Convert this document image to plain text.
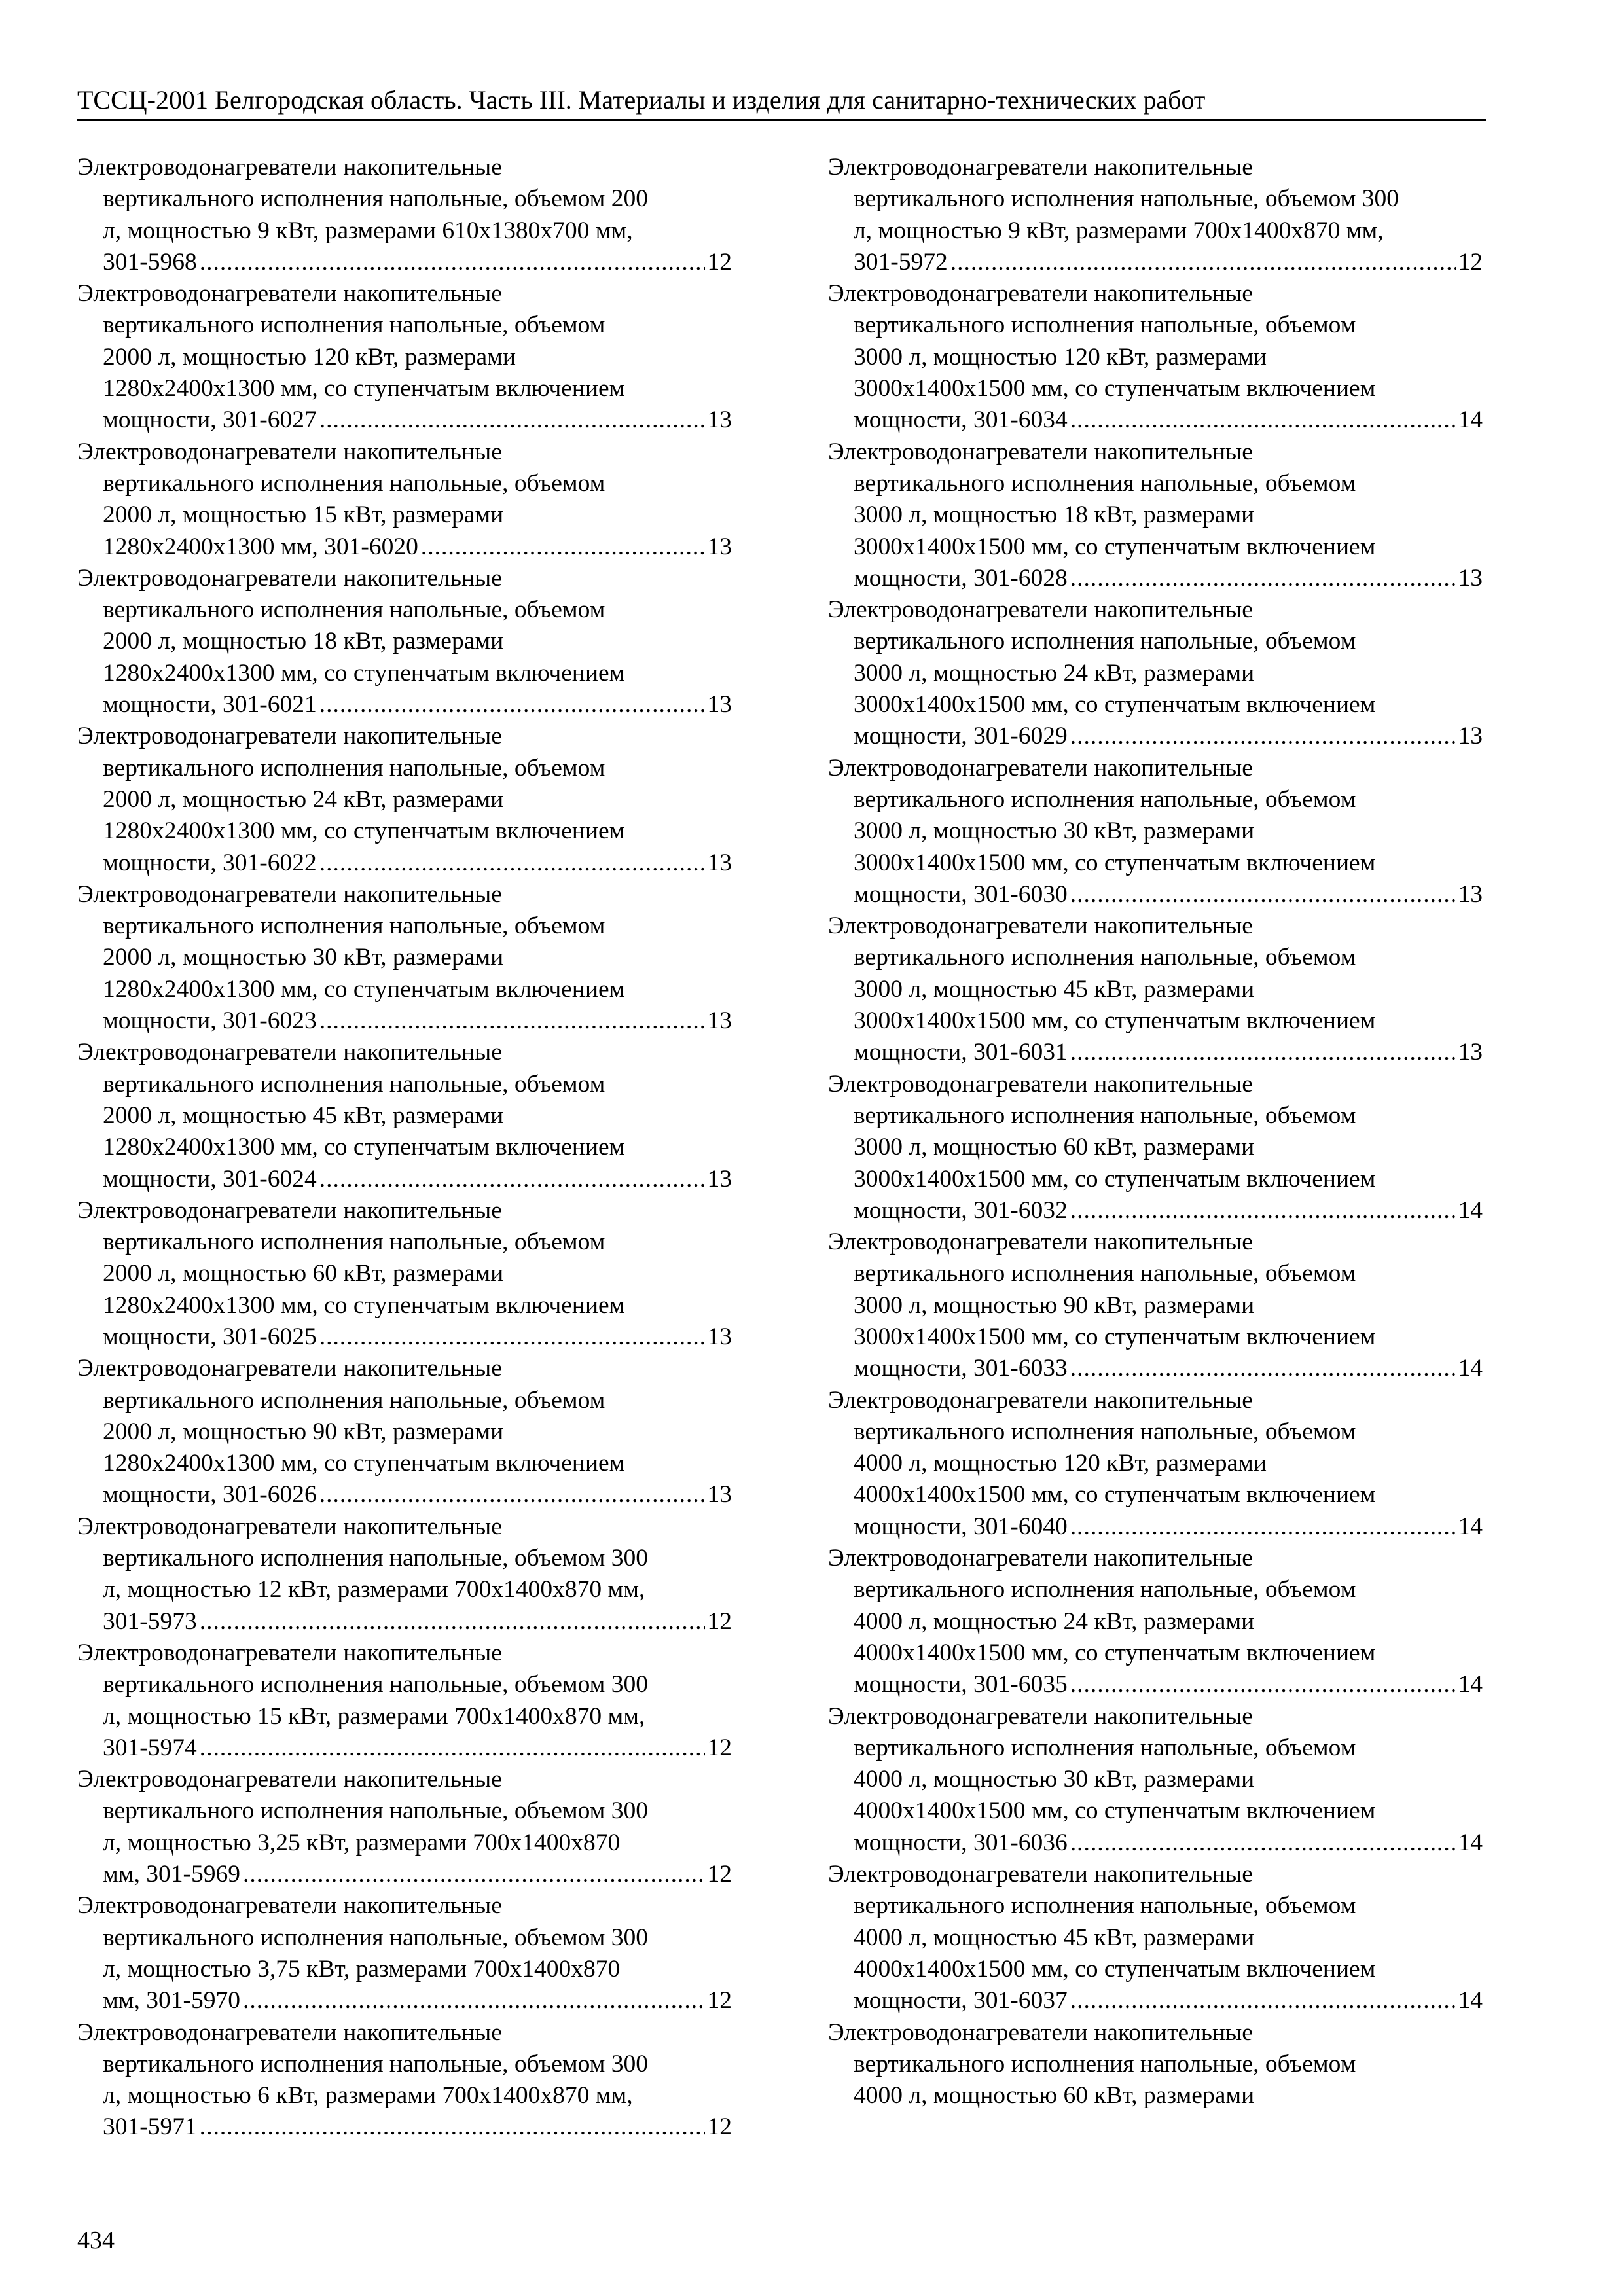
ТССЦ-2001 Белгородская область. Часть III. Материалы и изделия для санитарно-технических работ
Электроводонагреватели накопительные
вертикального исполнения напольные, объемом 200
л, мощностью 9 кВт, размерами 610х1380х700 мм,
301-5968 .....	12
Электроводонагреватели накопительные
вертикального исполнения напольные, объемом
2000 л, мощностью 120 кВт, размерами
1280х2400х1300 мм, со ступенчатым включением
мощности, 301-6027 .....	13
Электроводонагреватели накопительные
вертикального исполнения напольные, объемом
2000 л, мощностью 15 кВт, размерами
1280х2400х1300 мм, 301-6020 .....	13
Электроводонагреватели накопительные
вертикального исполнения напольные, объемом
2000 л, мощностью 18 кВт, размерами
1280х2400х1300 мм, со ступенчатым включением
мощности, 301-6021 .....	13
Электроводонагреватели накопительные
вертикального исполнения напольные, объемом
2000 л, мощностью 24 кВт, размерами
1280х2400х1300 мм, со ступенчатым включением
мощности, 301-6022 .....	13
Электроводонагреватели накопительные
вертикального исполнения напольные, объемом
2000 л, мощностью 30 кВт, размерами
1280х2400х1300 мм, со ступенчатым включением
мощности, 301-6023 .....	13
Электроводонагреватели накопительные
вертикального исполнения напольные, объемом
2000 л, мощностью 45 кВт, размерами
1280х2400х1300 мм, со ступенчатым включением
мощности, 301-6024 .....	13
Электроводонагреватели накопительные
вертикального исполнения напольные, объемом
2000 л, мощностью 60 кВт, размерами
1280х2400х1300 мм, со ступенчатым включением
мощности, 301-6025 .....	13
Электроводонагреватели накопительные
вертикального исполнения напольные, объемом
2000 л, мощностью 90 кВт, размерами
1280х2400х1300 мм, со ступенчатым включением
мощности, 301-6026 .....	13
Электроводонагреватели накопительные
вертикального исполнения напольные, объемом 300
л, мощностью 12 кВт, размерами 700х1400х870 мм,
301-5973 .....	12
Электроводонагреватели накопительные
вертикального исполнения напольные, объемом 300
л, мощностью 15 кВт, размерами 700х1400х870 мм,
301-5974 .....	12
Электроводонагреватели накопительные
вертикального исполнения напольные, объемом 300
л, мощностью 3,25 кВт, размерами 700х1400х870
мм, 301-5969 .....	12
Электроводонагреватели накопительные
вертикального исполнения напольные, объемом 300
л, мощностью 3,75 кВт, размерами 700х1400х870
мм, 301-5970 .....	12
Электроводонагреватели накопительные
вертикального исполнения напольные, объемом 300
л, мощностью 6 кВт, размерами 700х1400х870 мм,
301-5971 .....	12
Электроводонагреватели накопительные
вертикального исполнения напольные, объемом 300
л, мощностью 9 кВт, размерами 700х1400х870 мм,
301-5972 .....	12
Электроводонагреватели накопительные
вертикального исполнения напольные, объемом
3000 л, мощностью 120 кВт, размерами
3000х1400х1500 мм, со ступенчатым включением
мощности, 301-6034 .....	14
Электроводонагреватели накопительные
вертикального исполнения напольные, объемом
3000 л, мощностью 18 кВт, размерами
3000х1400х1500 мм, со ступенчатым включением
мощности, 301-6028 .....	13
Электроводонагреватели накопительные
вертикального исполнения напольные, объемом
3000 л, мощностью 24 кВт, размерами
3000х1400х1500 мм, со ступенчатым включением
мощности, 301-6029 .....	13
Электроводонагреватели накопительные
вертикального исполнения напольные, объемом
3000 л, мощностью 30 кВт, размерами
3000х1400х1500 мм, со ступенчатым включением
мощности, 301-6030 .....	13
Электроводонагреватели накопительные
вертикального исполнения напольные, объемом
3000 л, мощностью 45 кВт, размерами
3000х1400х1500 мм, со ступенчатым включением
мощности, 301-6031 .....	13
Электроводонагреватели накопительные
вертикального исполнения напольные, объемом
3000 л, мощностью 60 кВт, размерами
3000х1400х1500 мм, со ступенчатым включением
мощности, 301-6032 .....	14
Электроводонагреватели накопительные
вертикального исполнения напольные, объемом
3000 л, мощностью 90 кВт, размерами
3000х1400х1500 мм, со ступенчатым включением
мощности, 301-6033 .....	14
Электроводонагреватели накопительные
вертикального исполнения напольные, объемом
4000 л, мощностью 120 кВт, размерами
4000х1400х1500 мм, со ступенчатым включением
мощности, 301-6040 .....	14
Электроводонагреватели накопительные
вертикального исполнения напольные, объемом
4000 л, мощностью 24 кВт, размерами
4000х1400х1500 мм, со ступенчатым включением
мощности, 301-6035 .....	14
Электроводонагреватели накопительные
вертикального исполнения напольные, объемом
4000 л, мощностью 30 кВт, размерами
4000х1400х1500 мм, со ступенчатым включением
мощности, 301-6036 .....	14
Электроводонагреватели накопительные
вертикального исполнения напольные, объемом
4000 л, мощностью 45 кВт, размерами
4000х1400х1500 мм, со ступенчатым включением
мощности, 301-6037 .....	14
Электроводонагреватели накопительные
вертикального исполнения напольные, объемом
4000 л, мощностью 60 кВт, размерами
434
